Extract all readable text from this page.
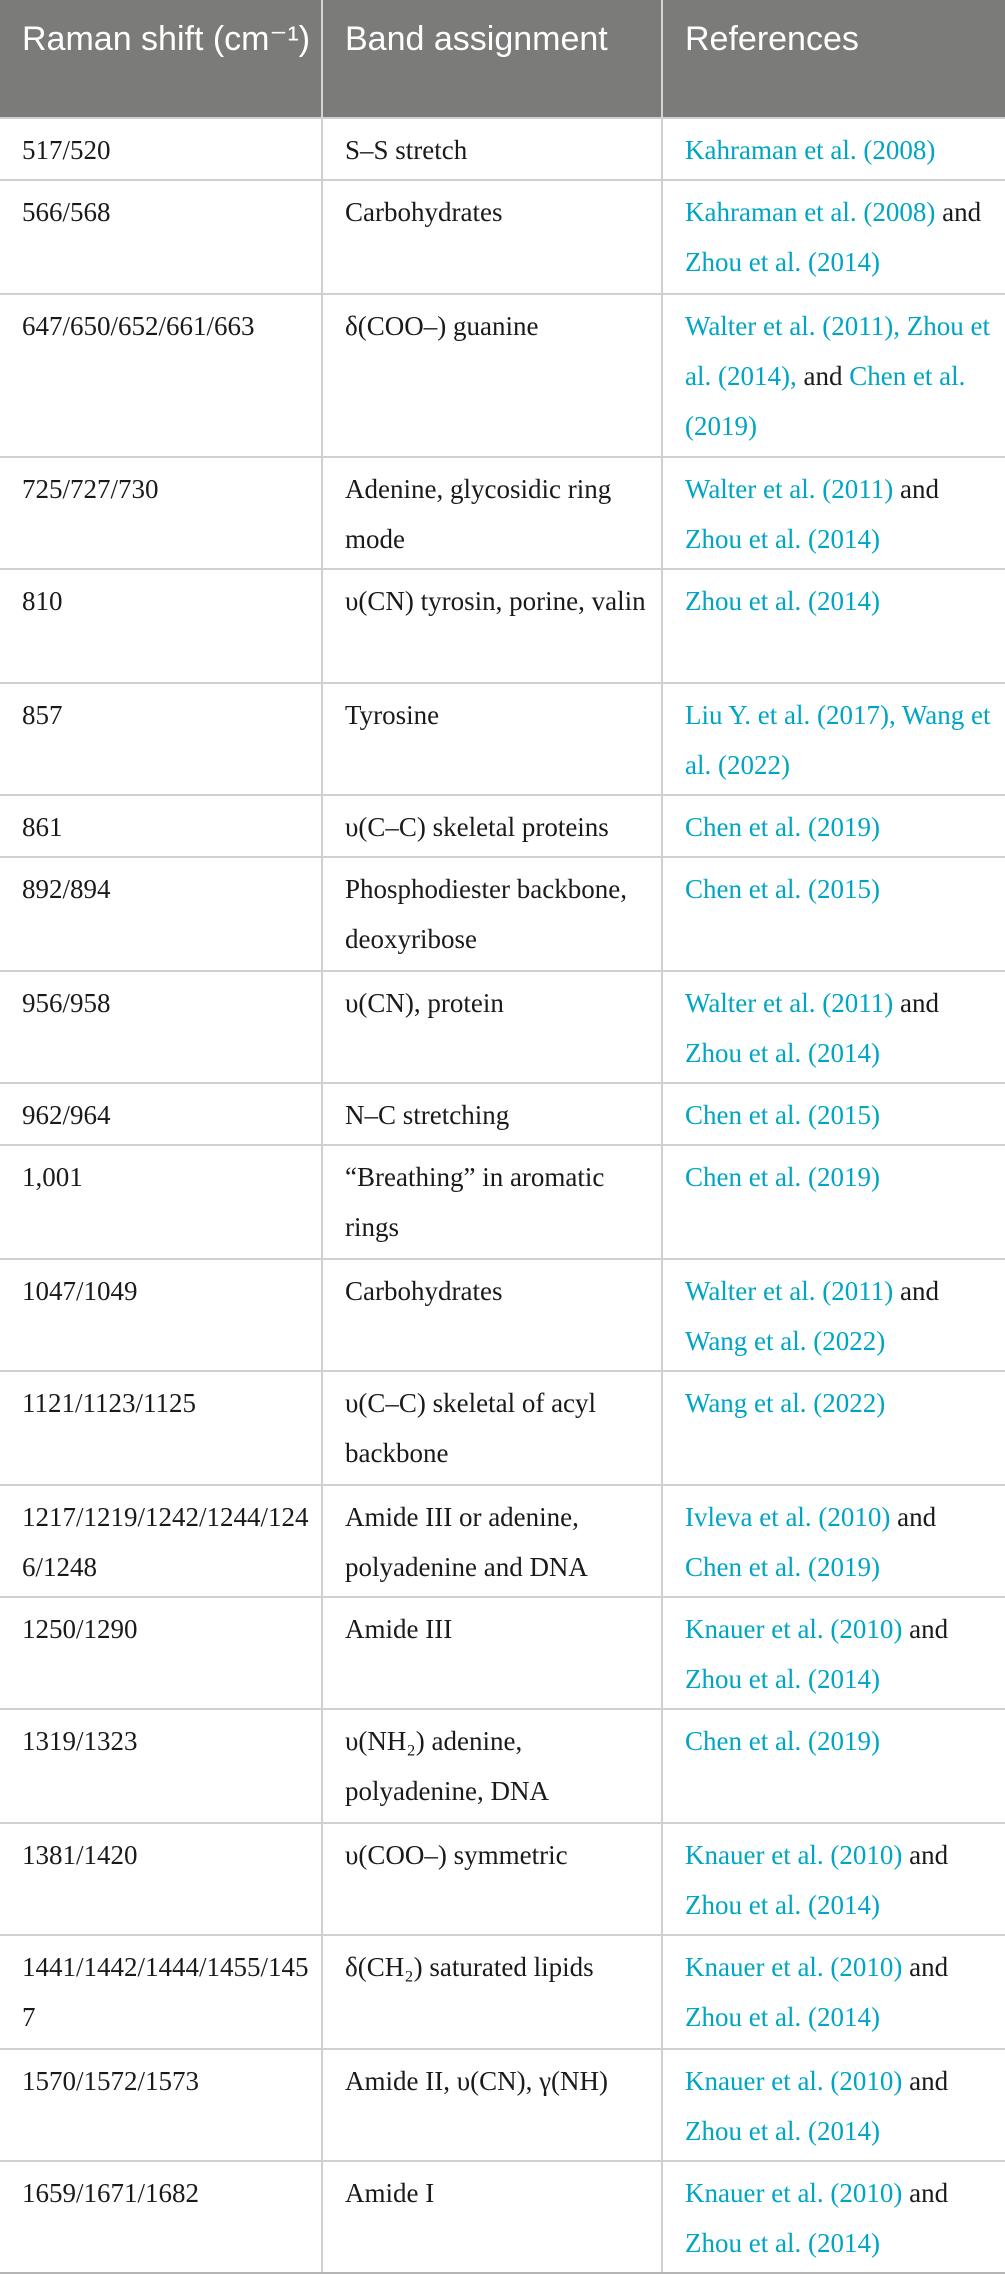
Raman shift (cm⁻¹)	Band assignment	References
517/520	S–S stretch	Kahraman et al. (2008)
566/568	Carbohydrates	Kahraman et al. (2008) and Zhou et al. (2014)
647/650/652/661/663	δ(COO–) guanine	Walter et al. (2011), Zhou et al. (2014), and Chen et al. (2019)
725/727/730	Adenine, glycosidic ring mode	Walter et al. (2011) and Zhou et al. (2014)
810	υ(CN) tyrosin, porine, valin	Zhou et al. (2014)
857	Tyrosine	Liu Y. et al. (2017), Wang et al. (2022)
861	υ(C–C) skeletal proteins	Chen et al. (2019)
892/894	Phosphodiester backbone, deoxyribose	Chen et al. (2015)
956/958	υ(CN), protein	Walter et al. (2011) and Zhou et al. (2014)
962/964	N–C stretching	Chen et al. (2015)
1,001	“Breathing” in aromatic rings	Chen et al. (2019)
1047/1049	Carbohydrates	Walter et al. (2011) and Wang et al. (2022)
1121/1123/1125	υ(C–C) skeletal of acyl backbone	Wang et al. (2022)
1217/1219/1242/1244/1246/1248	Amide III or adenine, polyadenine and DNA	Ivleva et al. (2010) and Chen et al. (2019)
1250/1290	Amide III	Knauer et al. (2010) and Zhou et al. (2014)
1319/1323	υ(NH₂) adenine, polyadenine, DNA	Chen et al. (2019)
1381/1420	υ(COO–) symmetric	Knauer et al. (2010) and Zhou et al. (2014)
1441/1442/1444/1455/1457	δ(CH₂) saturated lipids	Knauer et al. (2010) and Zhou et al. (2014)
1570/1572/1573	Amide II, υ(CN), γ(NH)	Knauer et al. (2010) and Zhou et al. (2014)
1659/1671/1682	Amide I	Knauer et al. (2010) and Zhou et al. (2014)
